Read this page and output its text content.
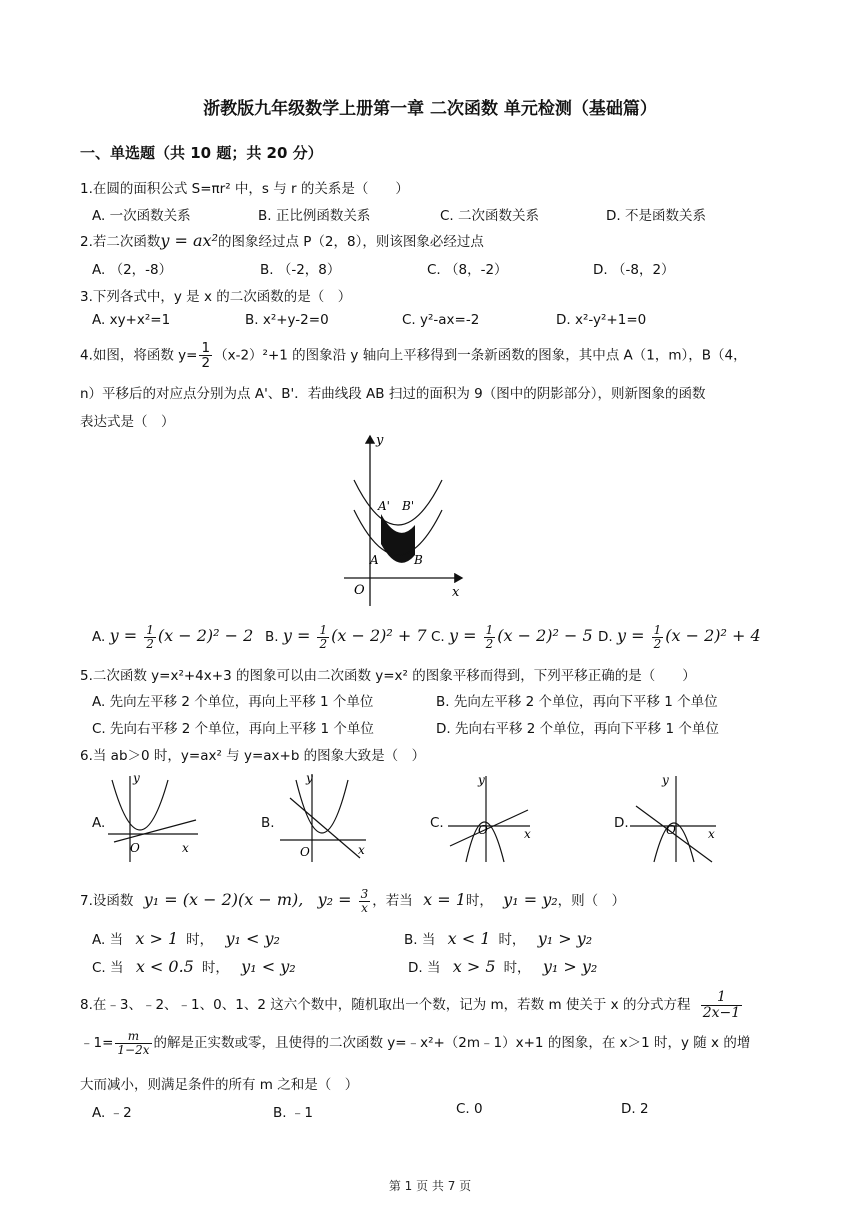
浙教版九年级数学上册第一章 二次函数 单元检测（基础篇）
一、单选题（共 10 题；共 20 分）
1.在圆的面积公式 S=πr² 中，s 与 r 的关系是（　　）
A. 一次函数关系	B. 正比例函数关系	C. 二次函数关系	D. 不是函数关系
2.若二次函数y = ax²的图象经过点 P（2，8），则该图象必经过点
A. （2，-8）	B. （-2，8）	C. （8，-2）	D. （-8，2）
3.下列各式中，y 是 x 的二次函数的是（　）
A. xy+x²=1	B. x²+y-2=0	C. y²-ax=-2	D. x²-y²+1=0
4.如图，将函数 $y= \frac{1}{2} (x-2)^2+1$ 的图象沿 y 轴向上平移得到一条新函数的图象，其中点 A（1，m），B（4，
n）平移后的对应点分别为点 A'、B'．若曲线段 AB 扫过的面积为 9（图中的阴影部分），则新图象的函数
表达式是（　）
y
x
O
A	B
A' B'
A. $y = \frac{1}{2} (x - 2)^2 - 2$ B. $y = \frac{1}{2} (x - 2)^2 + 7$ C. $y = \frac{1}{2} (x - 2)^2 - 5$ D. $y = \frac{1}{2} (x - 2)^2 + 4$
5.二次函数 y=x²+4x+3 的图象可以由二次函数 y=x² 的图象平移而得到，下列平移正确的是（　　）
A. 先向左平移 2 个单位，再向上平移 1 个单位	B. 先向左平移 2 个单位，再向下平移 1 个单位
C. 先向右平移 2 个单位，再向上平移 1 个单位	D. 先向右平移 2 个单位，再向下平移 1 个单位
6.当 ab＞0 时，y=ax² 与 y=ax+b 的图象大致是（　）
A.
y
x
O
B.
y
x
O
C.
y
x
O	D.
y
x
O
7.设函数 y₁ = (x − 2)(x − m), $y_2 = \frac{3}{x}$ ，若当 x = 1时， y₁ = y₂，则（　）
A. 当 x > 1 时， y₁ < y₂	B. 当 x < 1 时， y₁ > y₂
C. 当 x < 0.5 时， y₁ < y₂	D. 当 x > 5 时， y₁ > y₂
8.在﹣3、﹣2、﹣1、0、1、2 这六个数中，随机取出一个数，记为 m，若数 m 使关于 x 的分式方程 $\frac{1}{2x-1}$
﹣1= $\frac{m}{1-2x}$ 的解是正实数或零，且使得的二次函数 y=﹣x²+（2m﹣1）x+1 的图象，在 x＞1 时，y 随 x 的增
大而减小，则满足条件的所有 m 之和是（　）
A. ﹣2	B. ﹣1	C. 0	D. 2
第 1 页 共 7 页
